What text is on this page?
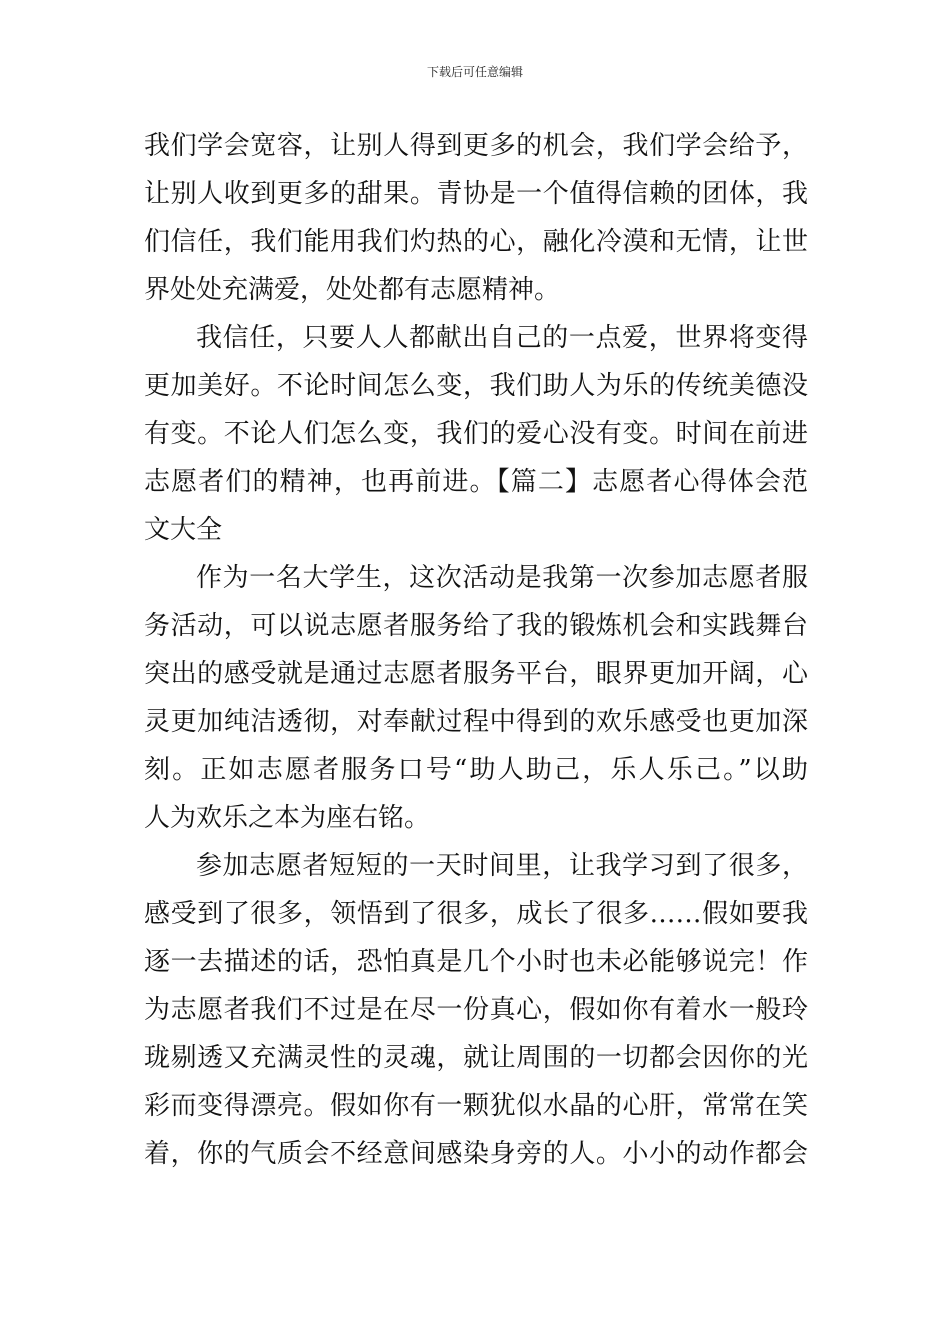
下载后可任意编辑
我们学会宽容，让别人得到更多的机会，我们学会给予，
让别人收到更多的甜果。青协是一个值得信赖的团体，我
们信任，我们能用我们灼热的心，融化冷漠和无情，让世
界处处充满爱，处处都有志愿精神。
我信任，只要人人都献出自己的一点爱，世界将变得
更加美好。不论时间怎么变，我们助人为乐的传统美德没
有变。不论人们怎么变，我们的爱心没有变。时间在前进
志愿者们的精神，也再前进。【篇二】志愿者心得体会范
文大全
作为一名大学生，这次活动是我第一次参加志愿者服
务活动，可以说志愿者服务给了我的锻炼机会和实践舞台
突出的感受就是通过志愿者服务平台，眼界更加开阔，心
灵更加纯洁透彻，对奉献过程中得到的欢乐感受也更加深
刻。正如志愿者服务口号“助人助己，乐人乐己。”以助
人为欢乐之本为座右铭。
参加志愿者短短的一天时间里，让我学习到了很多，
感受到了很多，领悟到了很多，成长了很多……假如要我
逐一去描述的话，恐怕真是几个小时也未必能够说完！作
为志愿者我们不过是在尽一份真心，假如你有着水一般玲
珑剔透又充满灵性的灵魂，就让周围的一切都会因你的光
彩而变得漂亮。假如你有一颗犹似水晶的心肝，常常在笑
着，你的气质会不经意间感染身旁的人。小小的动作都会
